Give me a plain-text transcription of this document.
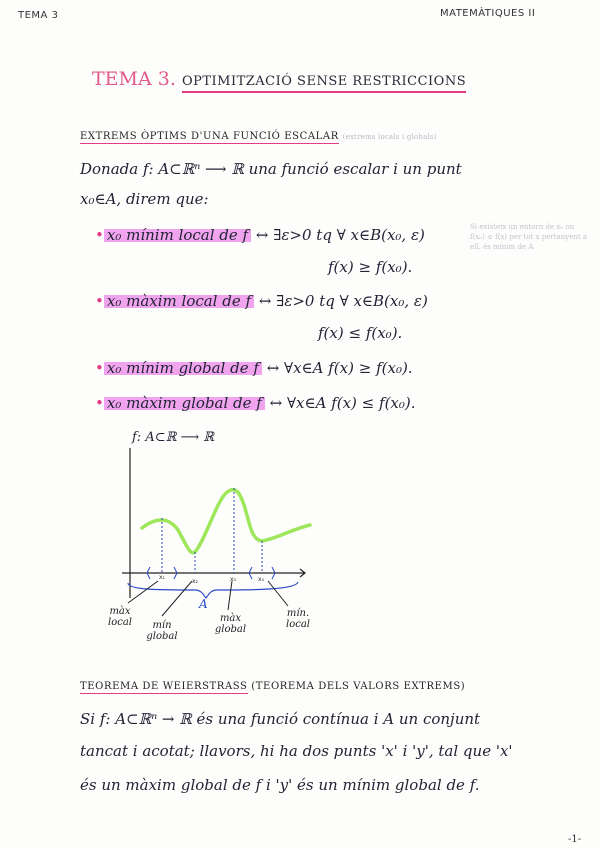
TEMA 3	MATEMÀTIQUES II
TEMA 3. OPTIMITZACIÓ SENSE RESTRICCIONS
EXTREMS ÒPTIMS D'UNA FUNCIÓ ESCALAR (extrems locals i globals)
Donada f: A⊂ℝⁿ ⟶ ℝ una funció escalar i un punt
x₀∈A, direm que:
• x₀ mínim local de f ↔ ∃ε>0 tq ∀ x∈B(x₀, ε)
f(x) ≥ f(x₀).
Si existeix un entorn de x₀ on f(x₀) ≤ f(x) per tot x pertanyent a ell, és mínim de A
• x₀ màxim local de f ↔ ∃ε>0 tq ∀ x∈B(x₀, ε)
f(x) ≤ f(x₀).
• x₀ mínim global de f ↔ ∀x∈A f(x) ≥ f(x₀).
• x₀ màxim global de f ↔ ∀x∈A f(x) ≤ f(x₀).
f: A⊂ℝ ⟶ ℝ
x₁
x₂	x₃	x₄
A
màx local	mín global
màx global
mín. local
TEOREMA DE WEIERSTRASS (TEOREMA DELS VALORS EXTREMS)
Si f: A⊂ℝⁿ → ℝ és una funció contínua i A un conjunt
tancat i acotat; llavors, hi ha dos punts 'x' i 'y', tal que 'x'
és un màxim global de f i 'y' és un mínim global de f.
-1-
